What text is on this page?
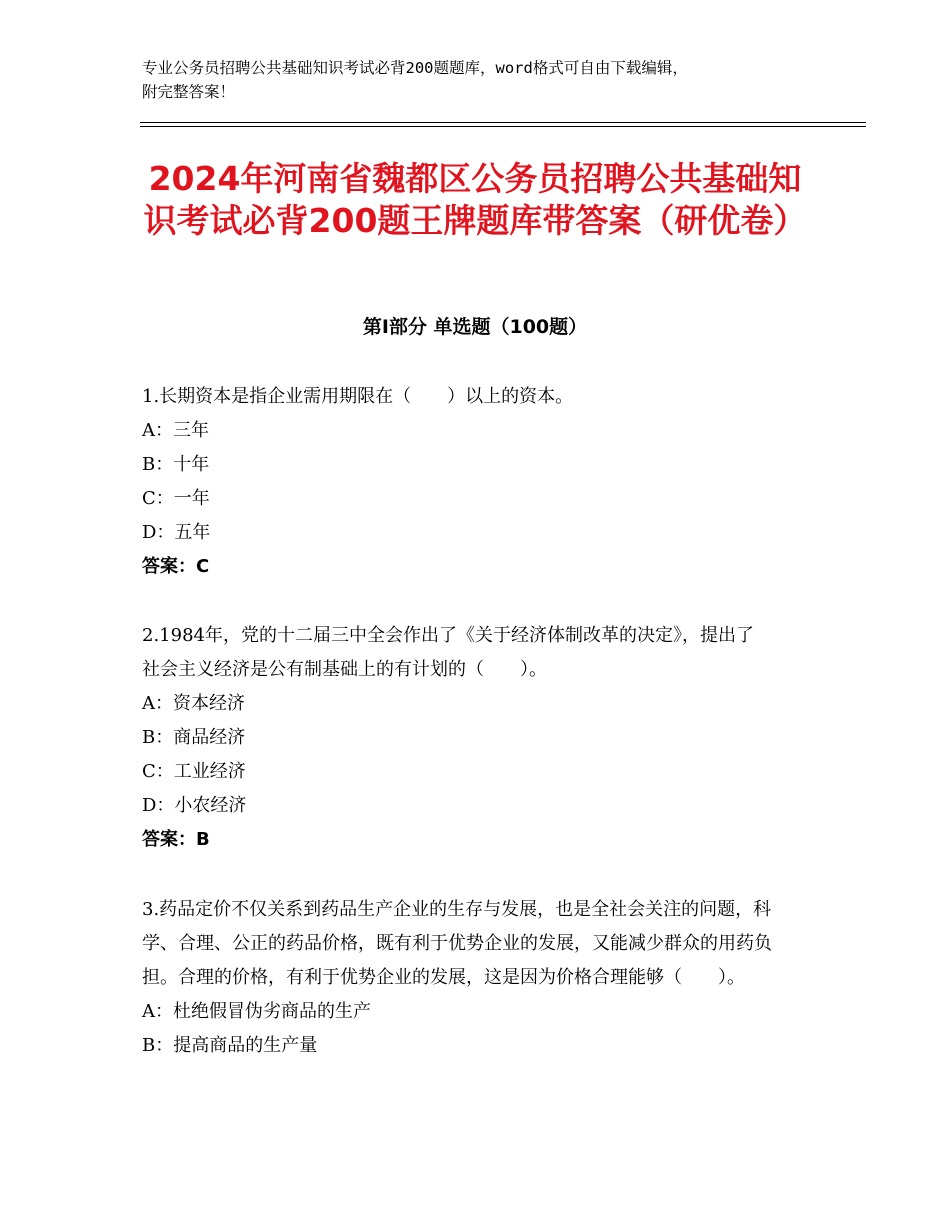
专业公务员招聘公共基础知识考试必背200题题库，word格式可自由下载编辑，
附完整答案！
2024年河南省魏都区公务员招聘公共基础知识考试必背200题王牌题库带答案（研优卷）
第I部分 单选题（100题）
1.长期资本是指企业需用期限在（　　）以上的资本。
A：三年
B：十年
C：一年
D：五年
答案：C
2.1984年，党的十二届三中全会作出了《关于经济体制改革的决定》，提出了社会主义经济是公有制基础上的有计划的（　　）。
A：资本经济
B：商品经济
C：工业经济
D：小农经济
答案：B
3.药品定价不仅关系到药品生产企业的生存与发展，也是全社会关注的问题，科学、合理、公正的药品价格，既有利于优势企业的发展，又能减少群众的用药负担。合理的价格，有利于优势企业的发展，这是因为价格合理能够（　　）。
A：杜绝假冒伪劣商品的生产
B：提高商品的生产量
